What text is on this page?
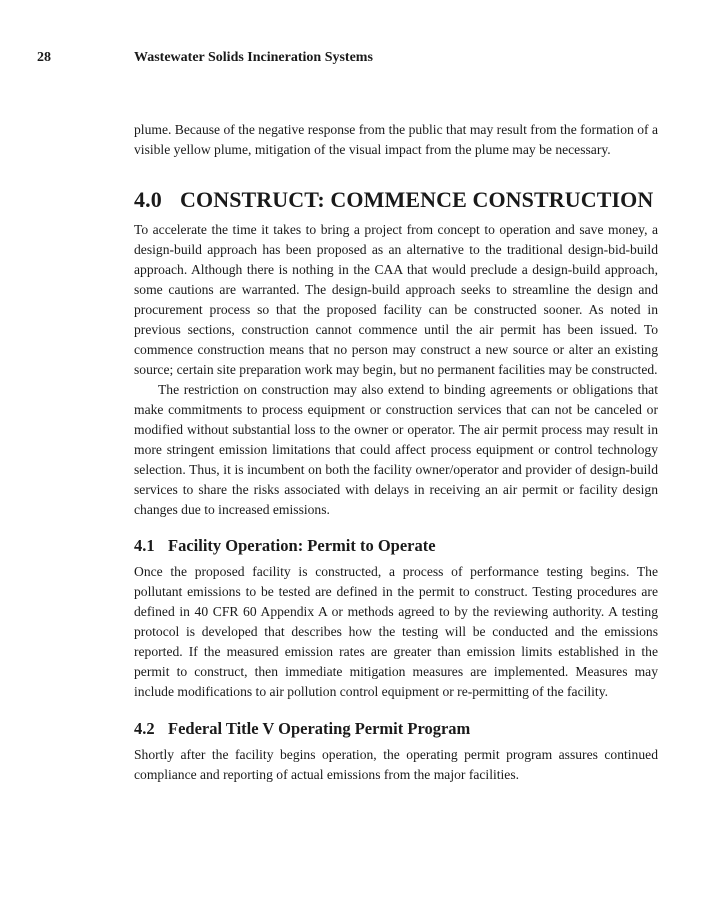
28	Wastewater Solids Incineration Systems

plume. Because of the negative response from the public that may result from the formation of a visible yellow plume, mitigation of the visual impact from the plume may be necessary.

4.0 CONSTRUCT: COMMENCE CONSTRUCTION

To accelerate the time it takes to bring a project from concept to operation and save money, a design-build approach has been proposed as an alternative to the traditional design-bid-build approach. Although there is nothing in the CAA that would preclude a design-build approach, some cautions are warranted. The design-build approach seeks to streamline the design and procurement process so that the proposed facility can be constructed sooner. As noted in previous sections, construction cannot commence until the air permit has been issued. To commence construction means that no person may construct a new source or alter an existing source; certain site preparation work may begin, but no permanent facilities may be constructed.

The restriction on construction may also extend to binding agreements or obligations that make commitments to process equipment or construction services that can not be canceled or modified without substantial loss to the owner or operator. The air permit process may result in more stringent emission limitations that could affect process equipment or control technology selection. Thus, it is incumbent on both the facility owner/operator and provider of design-build services to share the risks associated with delays in receiving an air permit or facility design changes due to increased emissions.

4.1 Facility Operation: Permit to Operate

Once the proposed facility is constructed, a process of performance testing begins. The pollutant emissions to be tested are defined in the permit to construct. Testing procedures are defined in 40 CFR 60 Appendix A or methods agreed to by the reviewing authority. A testing protocol is developed that describes how the testing will be conducted and the emissions reported. If the measured emission rates are greater than emission limits established in the permit to construct, then immediate mitigation measures are implemented. Measures may include modifications to air pollution control equipment or re-permitting of the facility.

4.2 Federal Title V Operating Permit Program

Shortly after the facility begins operation, the operating permit program assures continued compliance and reporting of actual emissions from the major facilities.
